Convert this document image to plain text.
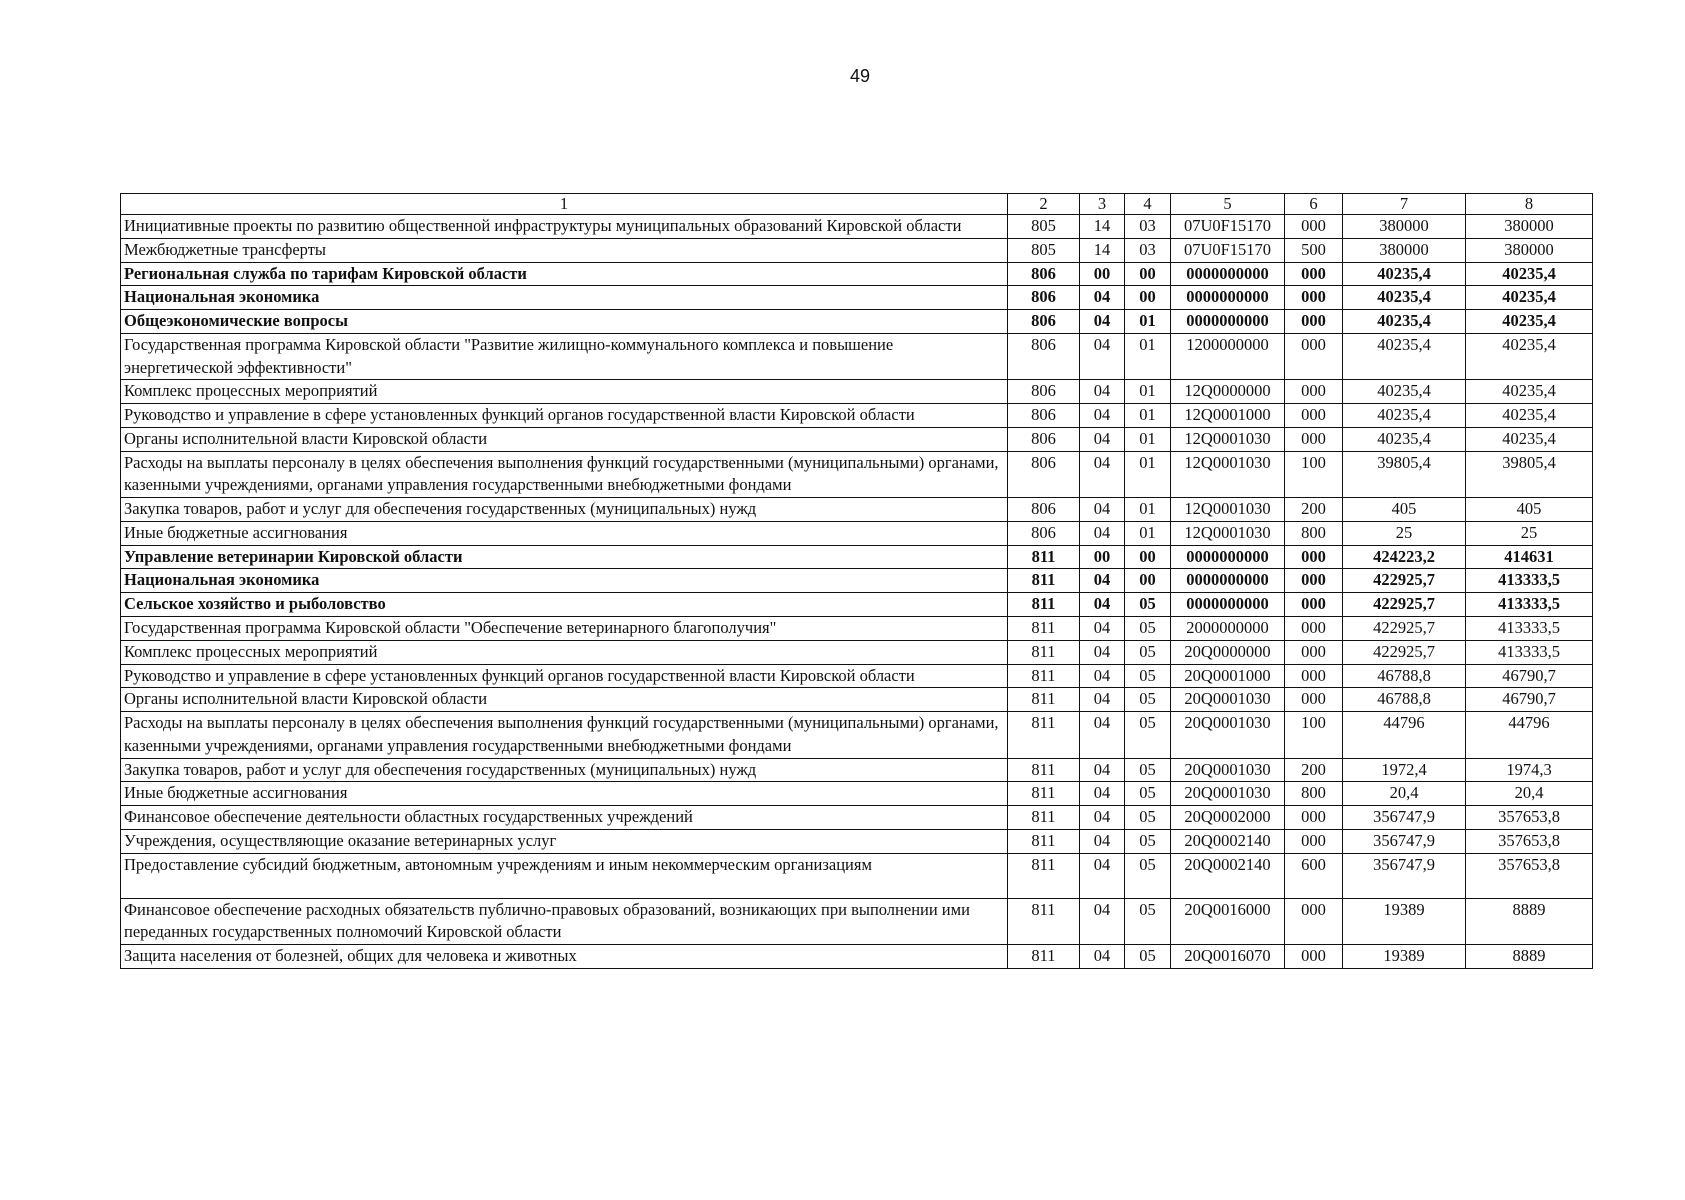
49
1	2	3	4	5	6	7	8
Инициативные проекты по развитию общественной инфраструктуры муниципальных образований Кировской области	805	14	03	07U0F15170	000	380000	380000
Межбюджетные трансферты	805	14	03	07U0F15170	500	380000	380000
Региональная служба по тарифам Кировской области	806	00	00	0000000000	000	40235,4	40235,4
Национальная экономика	806	04	00	0000000000	000	40235,4	40235,4
Общеэкономические вопросы	806	04	01	0000000000	000	40235,4	40235,4
Государственная программа Кировской области "Развитие жилищно-коммунального комплекса и повышение энергетической эффективности"	806	04	01	1200000000	000	40235,4	40235,4
Комплекс процессных мероприятий	806	04	01	12Q0000000	000	40235,4	40235,4
Руководство и управление в сфере установленных функций органов государственной власти Кировской области	806	04	01	12Q0001000	000	40235,4	40235,4
Органы исполнительной власти Кировской области	806	04	01	12Q0001030	000	40235,4	40235,4
Расходы на выплаты персоналу в целях обеспечения выполнения функций государственными (муниципальными) органами, казенными учреждениями, органами управления государственными внебюджетными фондами	806	04	01	12Q0001030	100	39805,4	39805,4
Закупка товаров, работ и услуг для обеспечения государственных (муниципальных) нужд	806	04	01	12Q0001030	200	405	405
Иные бюджетные ассигнования	806	04	01	12Q0001030	800	25	25
Управление ветеринарии Кировской области	811	00	00	0000000000	000	424223,2	414631
Национальная экономика	811	04	00	0000000000	000	422925,7	413333,5
Сельское хозяйство и рыболовство	811	04	05	0000000000	000	422925,7	413333,5
Государственная программа Кировской области "Обеспечение ветеринарного благополучия"	811	04	05	2000000000	000	422925,7	413333,5
Комплекс процессных мероприятий	811	04	05	20Q0000000	000	422925,7	413333,5
Руководство и управление в сфере установленных функций органов государственной власти Кировской области	811	04	05	20Q0001000	000	46788,8	46790,7
Органы исполнительной власти Кировской области	811	04	05	20Q0001030	000	46788,8	46790,7
Расходы на выплаты персоналу в целях обеспечения выполнения функций государственными (муниципальными) органами, казенными учреждениями, органами управления государственными внебюджетными фондами	811	04	05	20Q0001030	100	44796	44796
Закупка товаров, работ и услуг для обеспечения государственных (муниципальных) нужд	811	04	05	20Q0001030	200	1972,4	1974,3
Иные бюджетные ассигнования	811	04	05	20Q0001030	800	20,4	20,4
Финансовое обеспечение деятельности областных государственных учреждений	811	04	05	20Q0002000	000	356747,9	357653,8
Учреждения, осуществляющие оказание ветеринарных услуг	811	04	05	20Q0002140	000	356747,9	357653,8
Предоставление субсидий бюджетным, автономным учреждениям и иным некоммерческим организациям	811	04	05	20Q0002140	600	356747,9	357653,8
Финансовое обеспечение расходных обязательств публично-правовых образований, возникающих при выполнении ими переданных государственных полномочий Кировской области	811	04	05	20Q0016000	000	19389	8889
Защита населения от болезней, общих для человека и животных	811	04	05	20Q0016070	000	19389	8889
